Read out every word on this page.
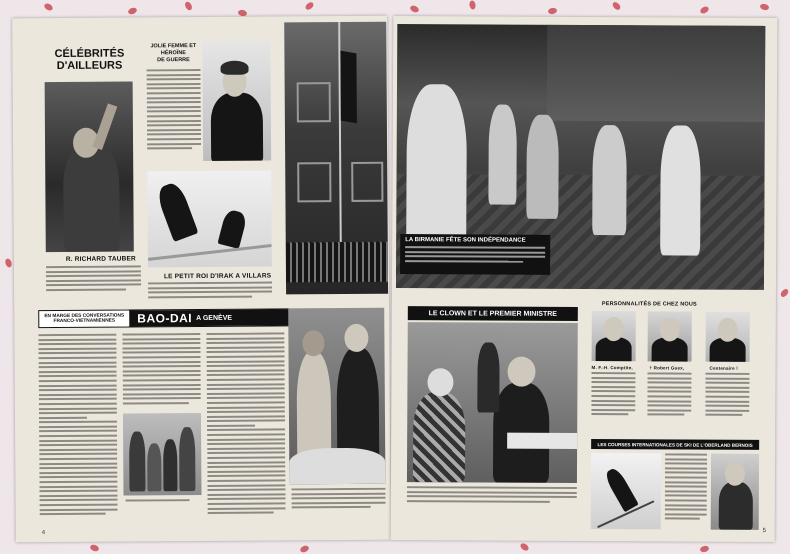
CÉLÉBRITÉS
D'AILLEURS
R. RICHARD TAUBER
JOLIE FEMME ET
HÉROÏNE
DE GUERRE
LE PETIT ROI D'IRAK A VILLARS
EN MARGE DES CONVERSATIONS
FRANCO-VIETNAMIENNES	BAO-DAI A GENÈVE
4
LA BIRMANIE FÊTE SON INDÉPENDANCE
LE CLOWN ET LE PREMIER MINISTRE
PERSONNALITÉS DE CHEZ NOUS
M. F.-H. Comptite,	† Robert Guex,	Centenaire !
LES COURSES INTERNATIONALES DE SKI DE L'OBERLAND BERNOIS
5
